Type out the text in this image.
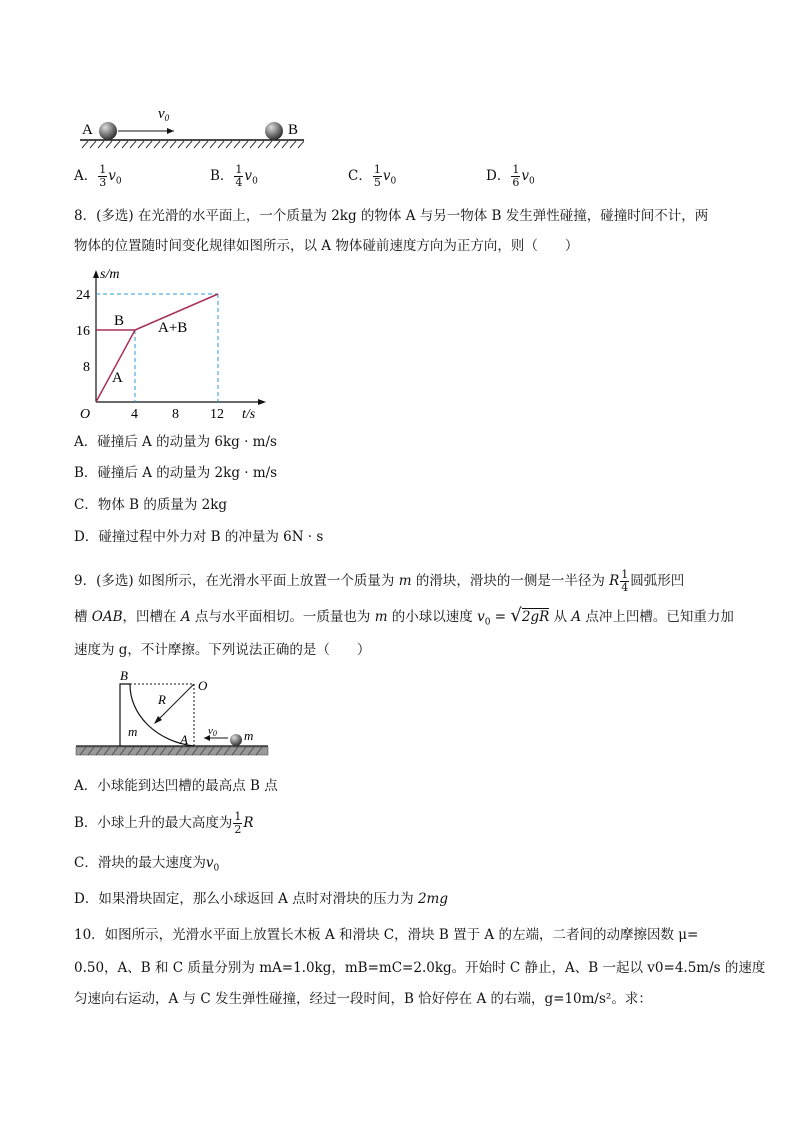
A	B
$v_0$
A． $\frac{1}{3} v_0$	B． $\frac{1}{4} v_0$	C． $\frac{1}{5} v_0$	D． $\frac{1}{6} v_0$
8．(多选) 在光滑的水平面上，一个质量为 2kg 的物体 A 与另一物体 B 发生弹性碰撞，碰撞时间不计，两
物体的位置随时间变化规律如图所示，以 A 物体碰前速度方向为正方向，则（　　）
s/m
t/s
O
24
16
8
4 8 12
B A+B
A
A．碰撞后 A 的动量为 6kg · m/s
B．碰撞后 A 的动量为 2kg · m/s
C．物体 B 的质量为 2kg
D．碰撞过程中外力对 B 的冲量为 6N · s
9．(多选) 如图所示，在光滑水平面上放置一个质量为 m 的滑块，滑块的一侧是一半径为 R $\frac{1}{4}$ 圆弧形凹
槽 OAB，凹槽在 A 点与水平面相切。一质量也为 m 的小球以速度 $v_0 = √2gR$ 从 A 点冲上凹槽。已知重力加
速度为 g，不计摩擦。下列说法正确的是（　　）
B
O
R
m
A
v0 m
A．小球能到达凹槽的最高点 B 点
B．小球上升的最大高度为 $\frac{1}{2}$ R
C．滑块的最大速度为$v_0$
D．如果滑块固定，那么小球返回 A 点时对滑块的压力为 2mg
10．如图所示，光滑水平面上放置长木板 A 和滑块 C，滑块 B 置于 A 的左端，二者间的动摩擦因数 μ=
0.50，A、B 和 C 质量分别为 mA=1.0kg，mB=mC=2.0kg。开始时 C 静止，A、B 一起以 v0=4.5m/s 的速度
匀速向右运动，A 与 C 发生弹性碰撞，经过一段时间，B 恰好停在 A 的右端，g=10m/s²。求：
